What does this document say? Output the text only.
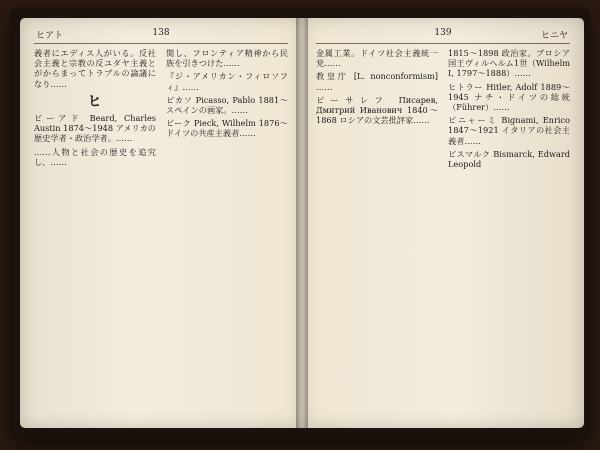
ヒアト	138

義者にエディス人がいる。反社会主義と宗教の反ユダヤ主義とがからまってトラブルの論議になり……

ヒ

ビーアド Beard, Charles Austin 1874～1948 アメリカの歴史学者・政治学者。……

……人物と社会の歴史を追究し、……

関し、フロンティア精神から民族を引きつけた……

『ジ・アメリカン・フィロソフィ』……

ピカソ Picasso, Pablo 1881～ スペインの画家。……

ビーク Pieck, Wilhelm 1876～ ドイツの共産主義者……

139	ヒニヤ

金属工業。ドイツ社会主義統一党……

教皇庁 [L. nonconformism] ……

ピーサレフ Писарев, Дмитрий Иванович 1840～1868 ロシアの文芸批評家……

1815～1898 政治家。プロシア国王ヴィルヘルム1世（Wilhelm I, 1797～1888）……

ヒトラー Hitler, Adolf 1889～1945 ナチ・ドイツの総統（Führer）……

ビニャーミ Bignami, Enrico 1847～1921 イタリアの社会主義者……

ビスマルク Bismarck, Edward Leopold
